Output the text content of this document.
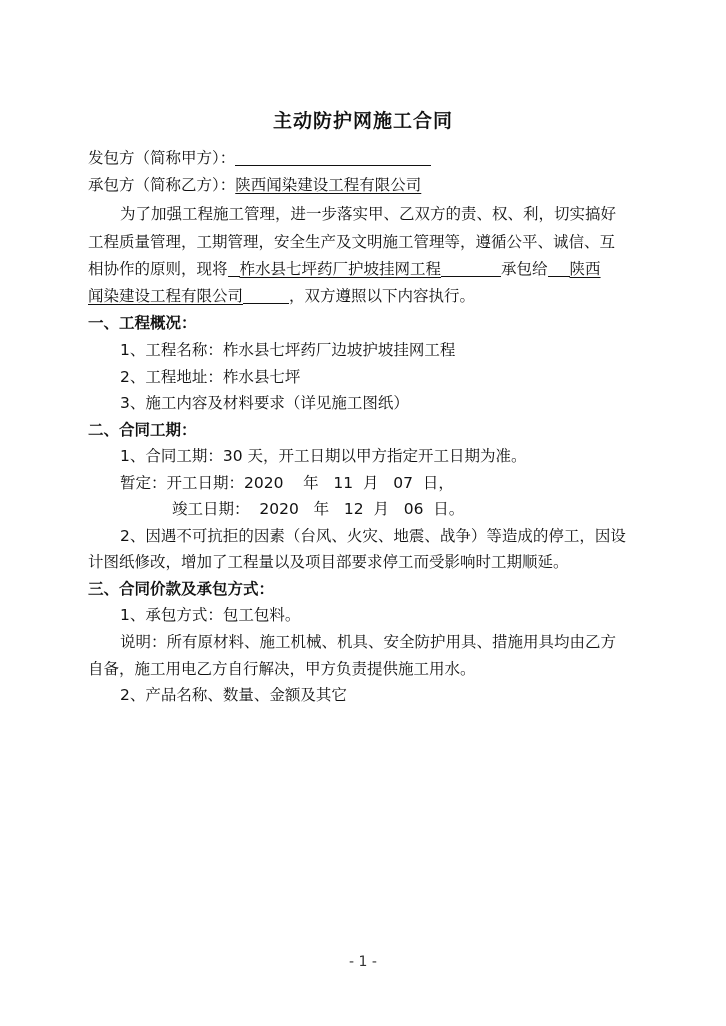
主动防护网施工合同
发包方（简称甲方）：
承包方（简称乙方）：陕西闻染建设工程有限公司
为了加强工程施工管理，进一步落实甲、乙双方的责、权、利，切实搞好
工程质量管理，工期管理，安全生产及文明施工管理等，遵循公平、诚信、互
相协作的原则，现将 柞水县七坪药厂护坡挂网工程	承包给 陕西
闻染建设工程有限公司	，双方遵照以下内容执行。
一、工程概况：
1、工程名称：柞水县七坪药厂边坡护坡挂网工程
2、工程地址：柞水县七坪
3、施工内容及材料要求（详见施工图纸）
二、合同工期：
1、合同工期：30 天，开工日期以甲方指定开工日期为准。
暂定：开工日期：2020    年   11  月   07  日，
竣工日期：  2020   年   12  月   06  日。
2、因遇不可抗拒的因素（台风、火灾、地震、战争）等造成的停工，因设
计图纸修改，增加了工程量以及项目部要求停工而受影响时工期顺延。
三、合同价款及承包方式：
1、承包方式：包工包料。
说明：所有原材料、施工机械、机具、安全防护用具、措施用具均由乙方
自备，施工用电乙方自行解决，甲方负责提供施工用水。
2、产品名称、数量、金额及其它
- 1 -
